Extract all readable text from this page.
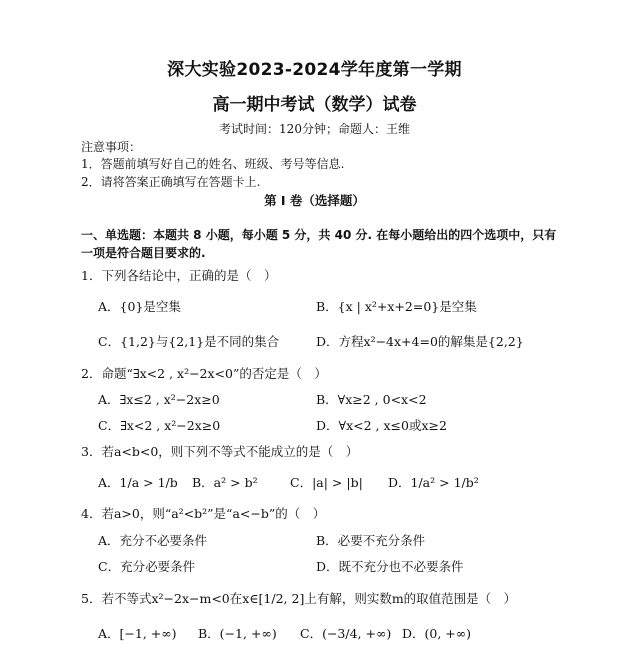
深大实验2023-2024学年度第一学期
高一期中考试（数学）试卷
考试时间：120分钟；命题人：王维
注意事项：
1．答题前填写好自己的姓名、班级、考号等信息.
2．请将答案正确填写在答题卡上.
第 I 卷（选择题）
一、单选题：本题共 8 小题，每小题 5 分，共 40 分. 在每小题给出的四个选项中，只有
一项是符合题目要求的.
1．下列各结论中，正确的是（　）
A．{0}是空集	B．{x | x²+x+2=0}是空集
C．{1,2}与{2,1}是不同的集合	D．方程x²−4x+4=0的解集是{2,2}
2．命题“∃x<2 , x²−2x<0”的否定是（　）
A．∃x≤2 , x²−2x≥0	B．∀x≥2 , 0<x<2
C．∃x<2 , x²−2x≥0	D．∀x<2 , x≤0或x≥2
3．若a<b<0，则下列不等式不能成立的是（　）
A．1/a > 1/b B．a² > b²	C．|a| > |b| D．1/a² > 1/b²
4．若a>0，则“a²<b²”是“a<−b”的（　）
A．充分不必要条件	B．必要不充分条件
C．充分必要条件	D．既不充分也不必要条件
5．若不等式x²−2x−m<0在x∈[1/2, 2]上有解，则实数m的取值范围是（　）
A．[−1, +∞) B．(−1, +∞) C．(−3/4, +∞) D．(0, +∞)
